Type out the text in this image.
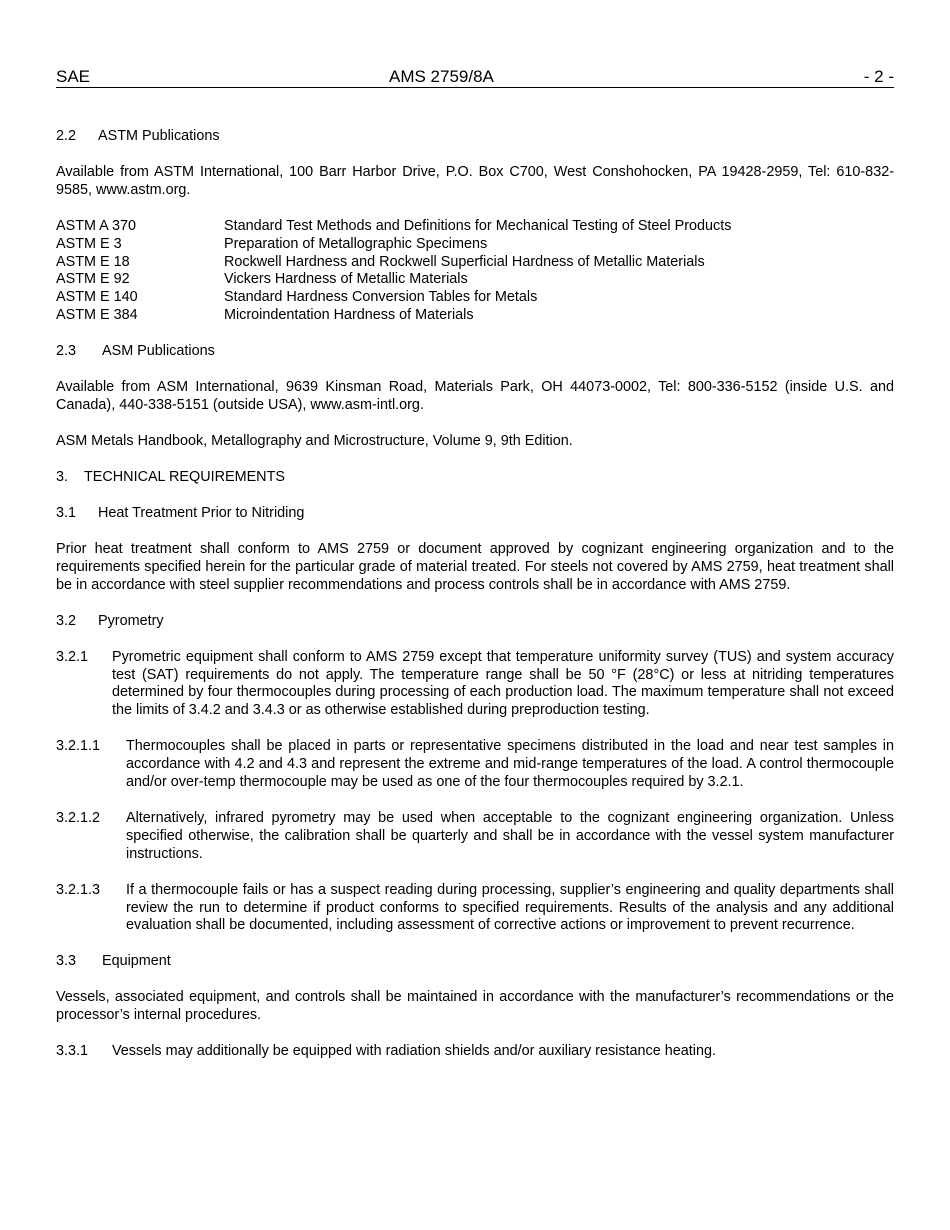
SAE	AMS 2759/8A	- 2 -

2.2 ASTM Publications

Available from ASTM International, 100 Barr Harbor Drive, P.O. Box C700, West Conshohocken, PA 19428-2959, Tel: 610-832-9585, www.astm.org.

ASTM A 370	Standard Test Methods and Definitions for Mechanical Testing of Steel Products
ASTM E 3	Preparation of Metallographic Specimens
ASTM E 18	Rockwell Hardness and Rockwell Superficial Hardness of Metallic Materials
ASTM E 92	Vickers Hardness of Metallic Materials
ASTM E 140	Standard Hardness Conversion Tables for Metals
ASTM E 384	Microindentation Hardness of Materials

2.3 ASM Publications

Available from ASM International, 9639 Kinsman Road, Materials Park, OH 44073-0002, Tel: 800-336-5152 (inside U.S. and Canada), 440-338-5151 (outside USA), www.asm-intl.org.

ASM Metals Handbook, Metallography and Microstructure, Volume 9, 9th Edition.

3. TECHNICAL REQUIREMENTS

3.1 Heat Treatment Prior to Nitriding

Prior heat treatment shall conform to AMS 2759 or document approved by cognizant engineering organization and to the requirements specified herein for the particular grade of material treated. For steels not covered by AMS 2759, heat treatment shall be in accordance with steel supplier recommendations and process controls shall be in accordance with AMS 2759.

3.2 Pyrometry

3.2.1	Pyrometric equipment shall conform to AMS 2759 except that temperature uniformity survey (TUS) and system accuracy test (SAT) requirements do not apply. The temperature range shall be 50 °F (28°C) or less at nitriding temperatures determined by four thermocouples during processing of each production load. The maximum temperature shall not exceed the limits of 3.4.2 and 3.4.3 or as otherwise established during preproduction testing.
3.2.1.1	Thermocouples shall be placed in parts or representative specimens distributed in the load and near test samples in accordance with 4.2 and 4.3 and represent the extreme and mid-range temperatures of the load. A control thermocouple and/or over-temp thermocouple may be used as one of the four thermocouples required by 3.2.1.
3.2.1.2	Alternatively, infrared pyrometry may be used when acceptable to the cognizant engineering organization. Unless specified otherwise, the calibration shall be quarterly and shall be in accordance with the vessel system manufacturer instructions.
3.2.1.3	If a thermocouple fails or has a suspect reading during processing, supplier’s engineering and quality departments shall review the run to determine if product conforms to specified requirements. Results of the analysis and any additional evaluation shall be documented, including assessment of corrective actions or improvement to prevent recurrence.

3.3 Equipment

Vessels, associated equipment, and controls shall be maintained in accordance with the manufacturer’s recommendations or the processor’s internal procedures.

3.3.1	Vessels may additionally be equipped with radiation shields and/or auxiliary resistance heating.
